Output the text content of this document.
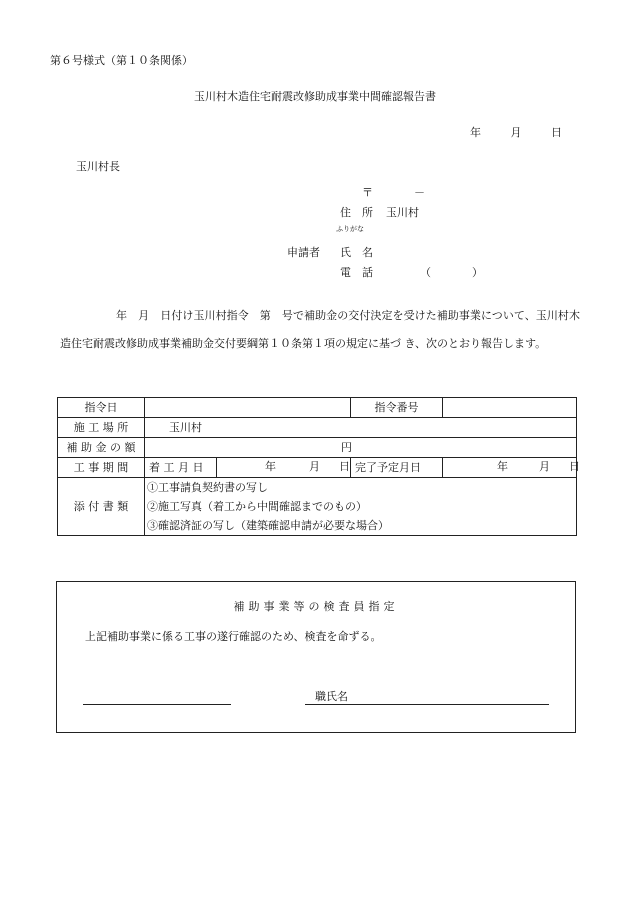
第６号様式（第１０条関係）
玉川村木造住宅耐震改修助成事業中間確認報告書
年	月	日
玉川村長
〒	－
住　所 玉川村
ふりがな
申請者 氏　名
電　話	（	）
年　月　日付け玉川村指令　第　号で補助金の交付決定を受けた補助事業について、玉川村木造住宅耐震改修助成事業補助金交付要綱第１０条第１項の規定に基づ き、次のとおり報告します。
指令日			指令番号	
施 工 場 所	玉川村			
補 助 金 の 額	円			
工 事 期 間	着 工 月 日	年 月 日	完了予定月日	年 月 日

添 付 書 類	①工事請負契約書の写し
②施工写真（着工から中間確認までのもの）
③確認済証の写し（建築確認申請が必要な場合）			
補助事業等の検査員指定
上記補助事業に係る工事の遂行確認のため、検査を命ずる。
職氏名
